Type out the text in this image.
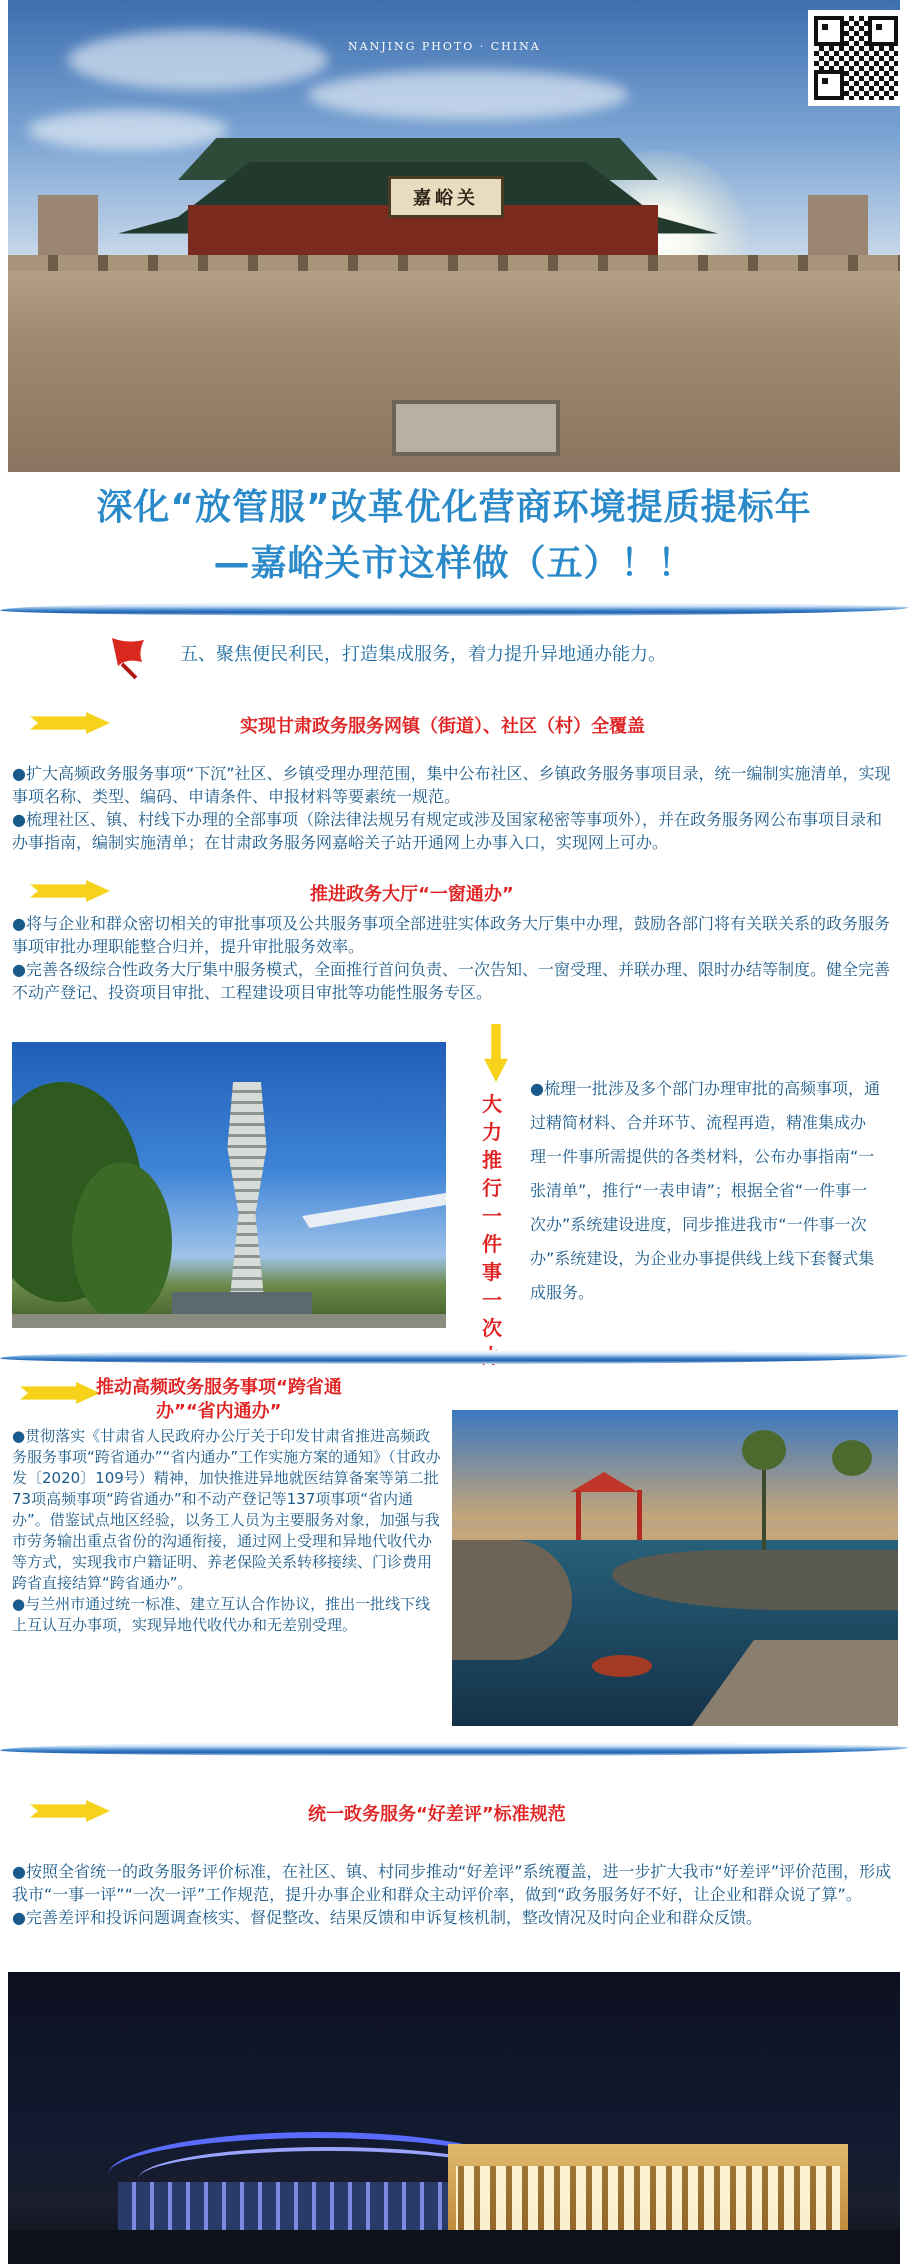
NANJING PHOTO · CHINA
嘉峪关
深化“放管服”改革优化营商环境提质提标年
—嘉峪关市这样做（五）！！
五、聚焦便民利民，打造集成服务，着力提升异地通办能力。
实现甘肃政务服务网镇（街道）、社区（村）全覆盖
●扩大高频政务服务事项“下沉”社区、乡镇受理办理范围，集中公布社区、乡镇政务服务事项目录，统一编制实施清单，实现事项名称、类型、编码、申请条件、申报材料等要素统一规范。
●梳理社区、镇、村线下办理的全部事项（除法律法规另有规定或涉及国家秘密等事项外），并在政务服务网公布事项目录和办事指南，编制实施清单；在甘肃政务服务网嘉峪关子站开通网上办事入口，实现网上可办。
推进政务大厅“一窗通办”
●将与企业和群众密切相关的审批事项及公共服务事项全部进驻实体政务大厅集中办理，鼓励各部门将有关联关系的政务服务事项审批办理职能整合归并，提升审批服务效率。
●完善各级综合性政务大厅集中服务模式，全面推行首问负责、一次告知、一窗受理、并联办理、限时办结等制度。健全完善不动产登记、投资项目审批、工程建设项目审批等功能性服务专区。
大
力
推
行
一
件
事
一
次
●梳理一批涉及多个部门办理审批的高频事项，通过精简材料、合并环节、流程再造，精准集成办理一件事所需提供的各类材料，公布办事指南“一张清单”，推行“一表申请”；根据全省“一件事一次办”系统建设进度，同步推进我市“一件事一次办”系统建设，为企业办事提供线上线下套餐式集成服务。
推动高频政务服务事项“跨省通
办”“省内通办”
●贯彻落实《甘肃省人民政府办公厅关于印发甘肃省推进高频政务服务事项“跨省通办”“省内通办”工作实施方案的通知》（甘政办发〔2020〕109号）精神，加快推进异地就医结算备案等第二批73项高频事项“跨省通办”和不动产登记等137项事项“省内通办”。借鉴试点地区经验，以务工人员为主要服务对象，加强与我市劳务输出重点省份的沟通衔接，通过网上受理和异地代收代办等方式，实现我市户籍证明、养老保险关系转移接续、门诊费用跨省直接结算“跨省通办”。
●与兰州市通过统一标准、建立互认合作协议，推出一批线下线上互认互办事项，实现异地代收代办和无差别受理。
统一政务服务“好差评”标准规范
●按照全省统一的政务服务评价标准，在社区、镇、村同步推动“好差评”系统覆盖，进一步扩大我市“好差评”评价范围，形成我市“一事一评”“一次一评”工作规范，提升办事企业和群众主动评价率，做到“政务服务好不好，让企业和群众说了算”。
●完善差评和投诉问题调查核实、督促整改、结果反馈和申诉复核机制，整改情况及时向企业和群众反馈。
